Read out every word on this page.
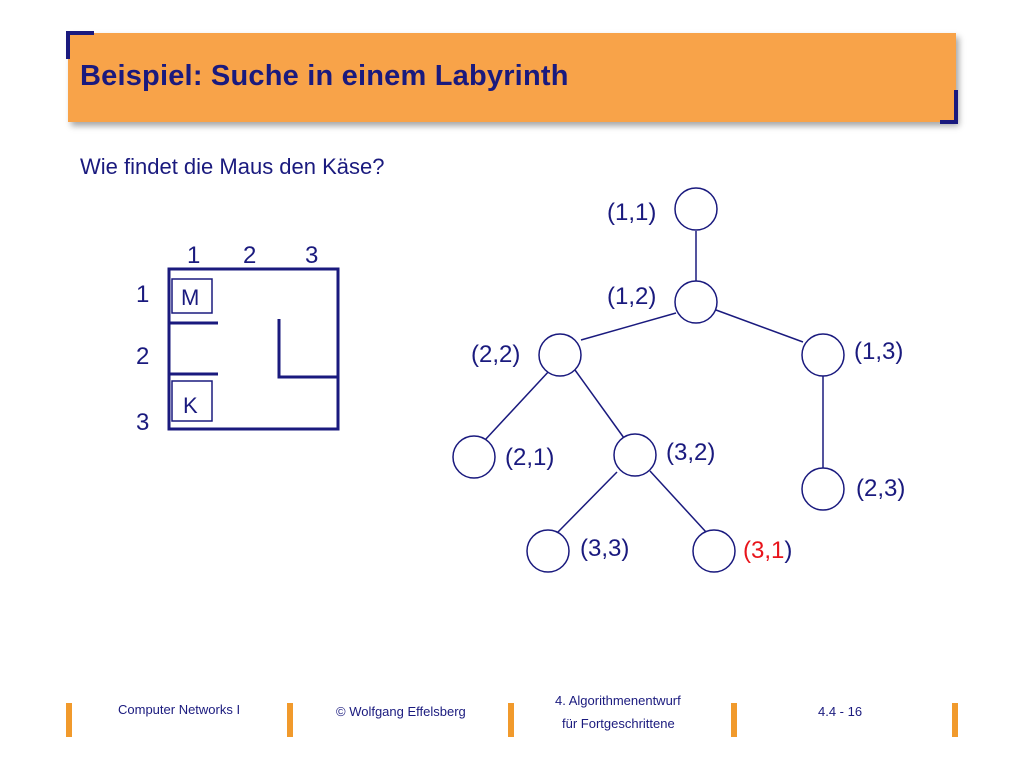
Beispiel: Suche in einem Labyrinth
Wie findet die Maus den Käse?
1 2 3
1
2
3
M
K
(1,1)
(1,2)
(2,2)	(1,3)
(2,1)	(3,2)
(2,3)
(3,3)	(3,1)
Computer Networks I	© Wolfgang Effelsberg
4. Algorithmenentwurf
für Fortgeschrittene
4.4 - 16
